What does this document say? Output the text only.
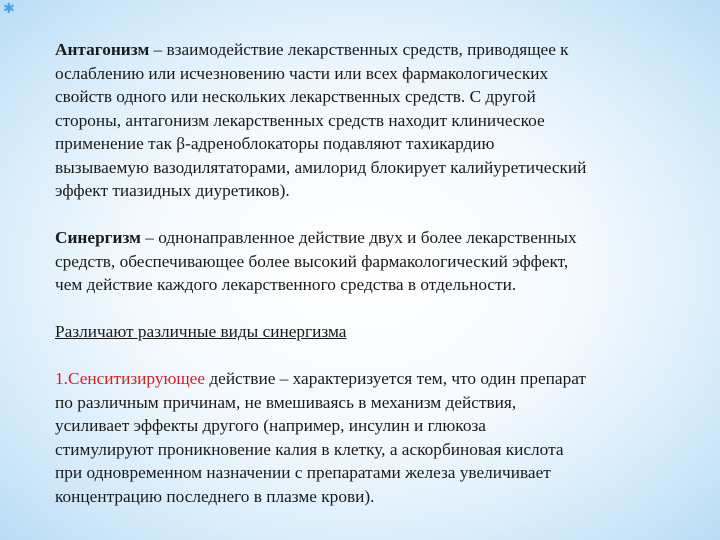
✱

Антагонизм – взаимодействие лекарственных средств, приводящее к
ослаблению или исчезновению части или всех фармакологических
свойств одного или нескольких лекарственных средств. С другой
стороны, антагонизм лекарственных средств находит клиническое
применение так β-адреноблокаторы подавляют тахикардию
вызываемую вазодилятаторами, амилорид блокирует калийуретический
эффект тиазидных диуретиков).

Синергизм – однонаправленное действие двух и более лекарственных
средств, обеспечивающее более высокий фармакологический эффект,
чем действие каждого лекарственного средства в отдельности.

Различают различные виды синергизма

1.Сенситизирующее действие – характеризуется тем, что один препарат
по различным причинам, не вмешиваясь в механизм действия,
усиливает эффекты другого (например, инсулин и глюкоза
стимулируют проникновение калия в клетку, а аскорбиновая кислота
при одновременном назначении с препаратами железа увеличивает
концентрацию последнего в плазме крови).
